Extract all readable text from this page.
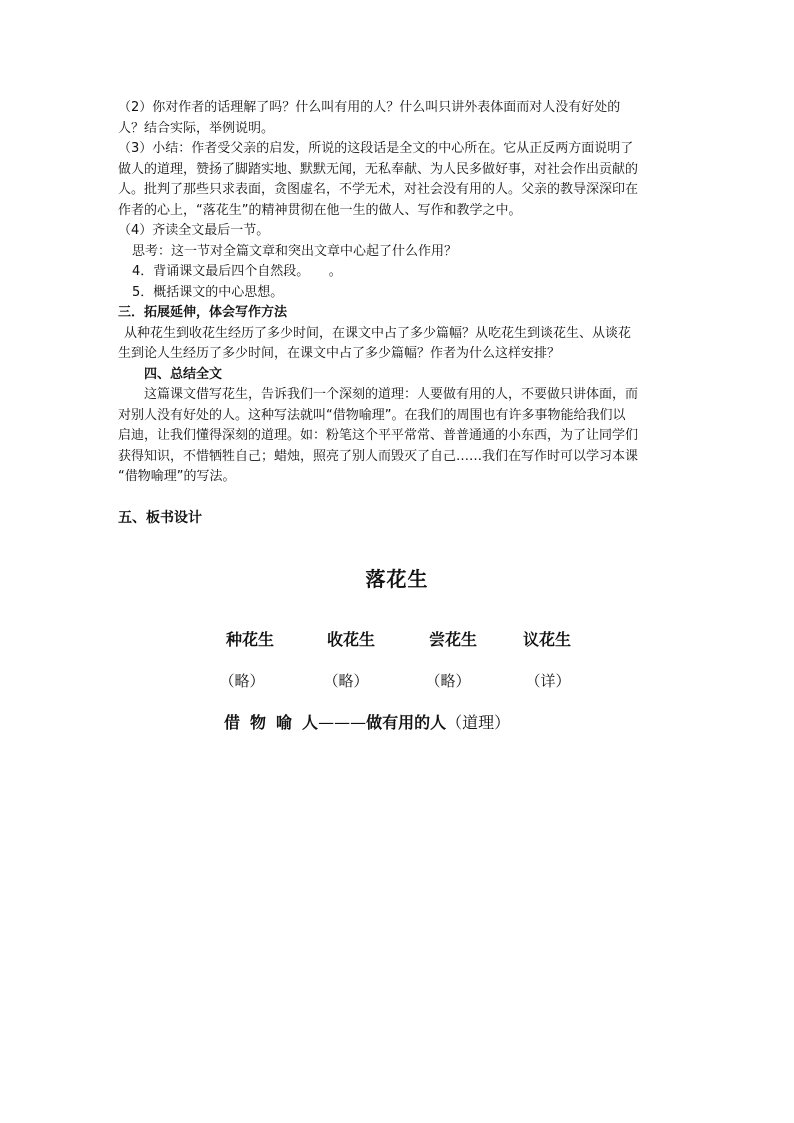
（2）你对作者的话理解了吗？什么叫有用的人？什么叫只讲外表体面而对人没有好处的

人？结合实际，举例说明。

（3）小结：作者受父亲的启发，所说的这段话是全文的中心所在。它从正反两方面说明了

做人的道理，赞扬了脚踏实地、默默无闻，无私奉献、为人民多做好事，对社会作出贡献的

人。批判了那些只求表面，贪图虚名，不学无术，对社会没有用的人。父亲的教导深深印在

作者的心上，“落花生”的精神贯彻在他一生的做人、写作和教学之中。

（4）齐读全文最后一节。

思考：这一节对全篇文章和突出文章中心起了什么作用？

4．背诵课文最后四个自然段。　　。

5．概括课文的中心思想。

三．拓展延伸，体会写作方法

从种花生到收花生经历了多少时间，在课文中占了多少篇幅？从吃花生到谈花生、从谈花

生到论人生经历了多少时间，在课文中占了多少篇幅？作者为什么这样安排？

四、总结全文

这篇课文借写花生，告诉我们一个深刻的道理：人要做有用的人，不要做只讲体面，而

对别人没有好处的人。这种写法就叫“借物喻理”。在我们的周围也有许多事物能给我们以

启迪，让我们懂得深刻的道理。如：粉笔这个平平常常、普普通通的小东西，为了让同学们

获得知识，不惜牺牲自己；蜡烛，照亮了别人而毁灭了自己……我们在写作时可以学习本课

“借物喻理”的写法。

五、板书设计

落花生
种花生	收花生	尝花生	议花生
（略）	（略）	（略）	（详）
借 物 喻 人———做有用的人（道理）
